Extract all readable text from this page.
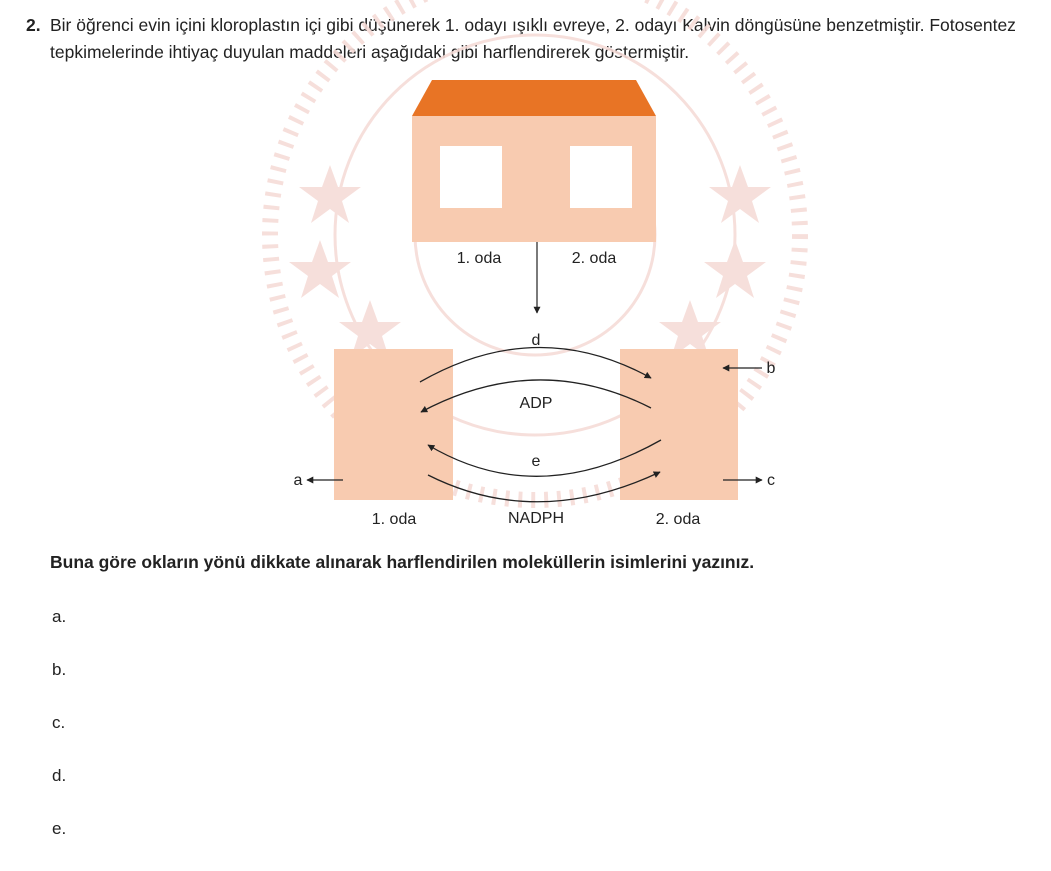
2. Bir öğrenci evin içini kloroplastın içi gibi düşünerek 1. odayı ışıklı evreye, 2. odayı Kalvin döngüsüne benzetmiştir. Fotosentez tepkimelerinde ihtiyaç duyulan maddeleri aşağıdaki gibi harflendirerek göstermiştir.
1. oda	2. oda
d
ADP
e
NADPH
a
b
c
1. oda	2. oda
Buna göre okların yönü dikkate alınarak harflendirilen moleküllerin isimlerini yazınız.
a.
b.
c.
d.
e.
